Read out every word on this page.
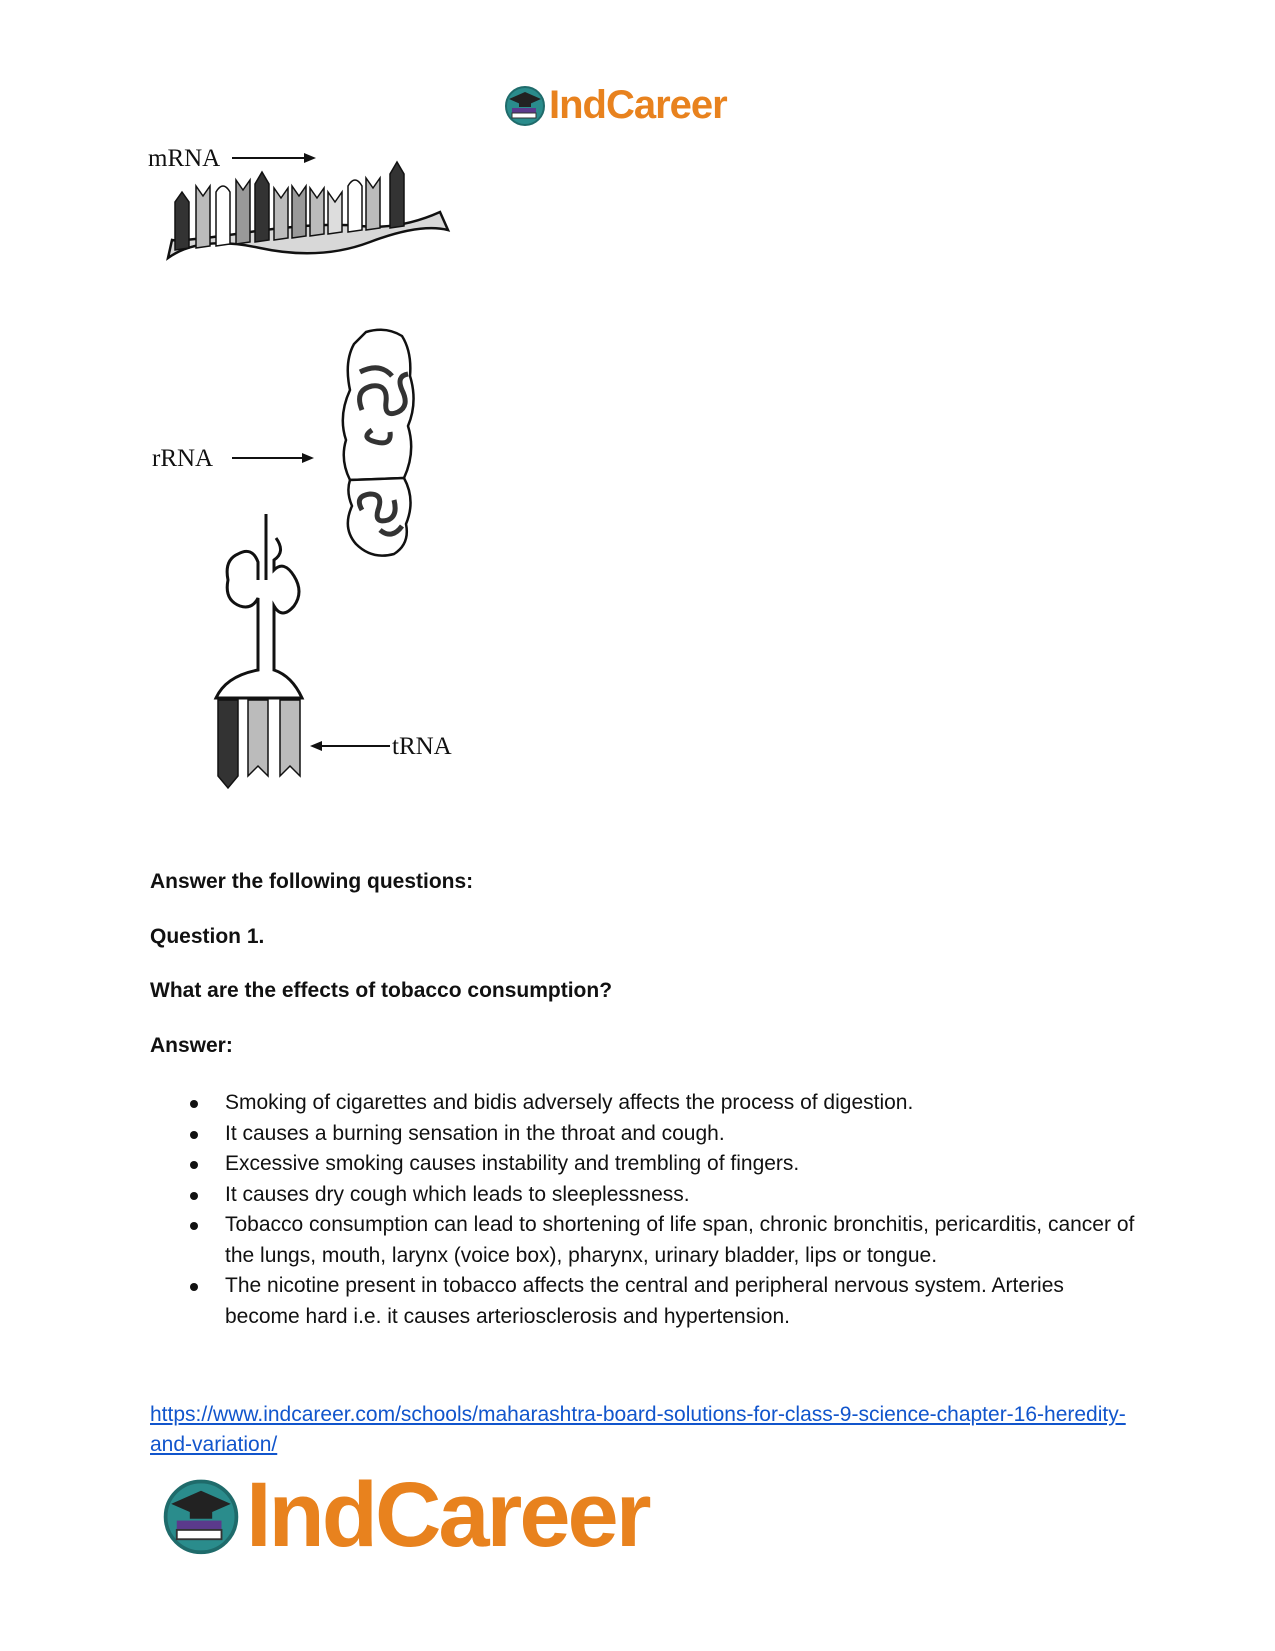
IndCareer
mRNA
rRNA
tRNA

Answer the following questions:

Question 1.

What are the effects of tobacco consumption?

Answer:

Smoking of cigarettes and bidis adversely affects the process of digestion.
It causes a burning sensation in the throat and cough.
Excessive smoking causes instability and trembling of fingers.
It causes dry cough which leads to sleeplessness.
Tobacco consumption can lead to shortening of life span, chronic bronchitis, pericarditis, cancer of the lungs, mouth, larynx (voice box), pharynx, urinary bladder, lips or tongue.
The nicotine present in tobacco affects the central and peripheral nervous system. Arteries become hard i.e. it causes arteriosclerosis and hypertension.
https://www.indcareer.com/schools/maharashtra-board-solutions-for-class-9-science-chapter-16-heredity-and-variation/
IndCareer
